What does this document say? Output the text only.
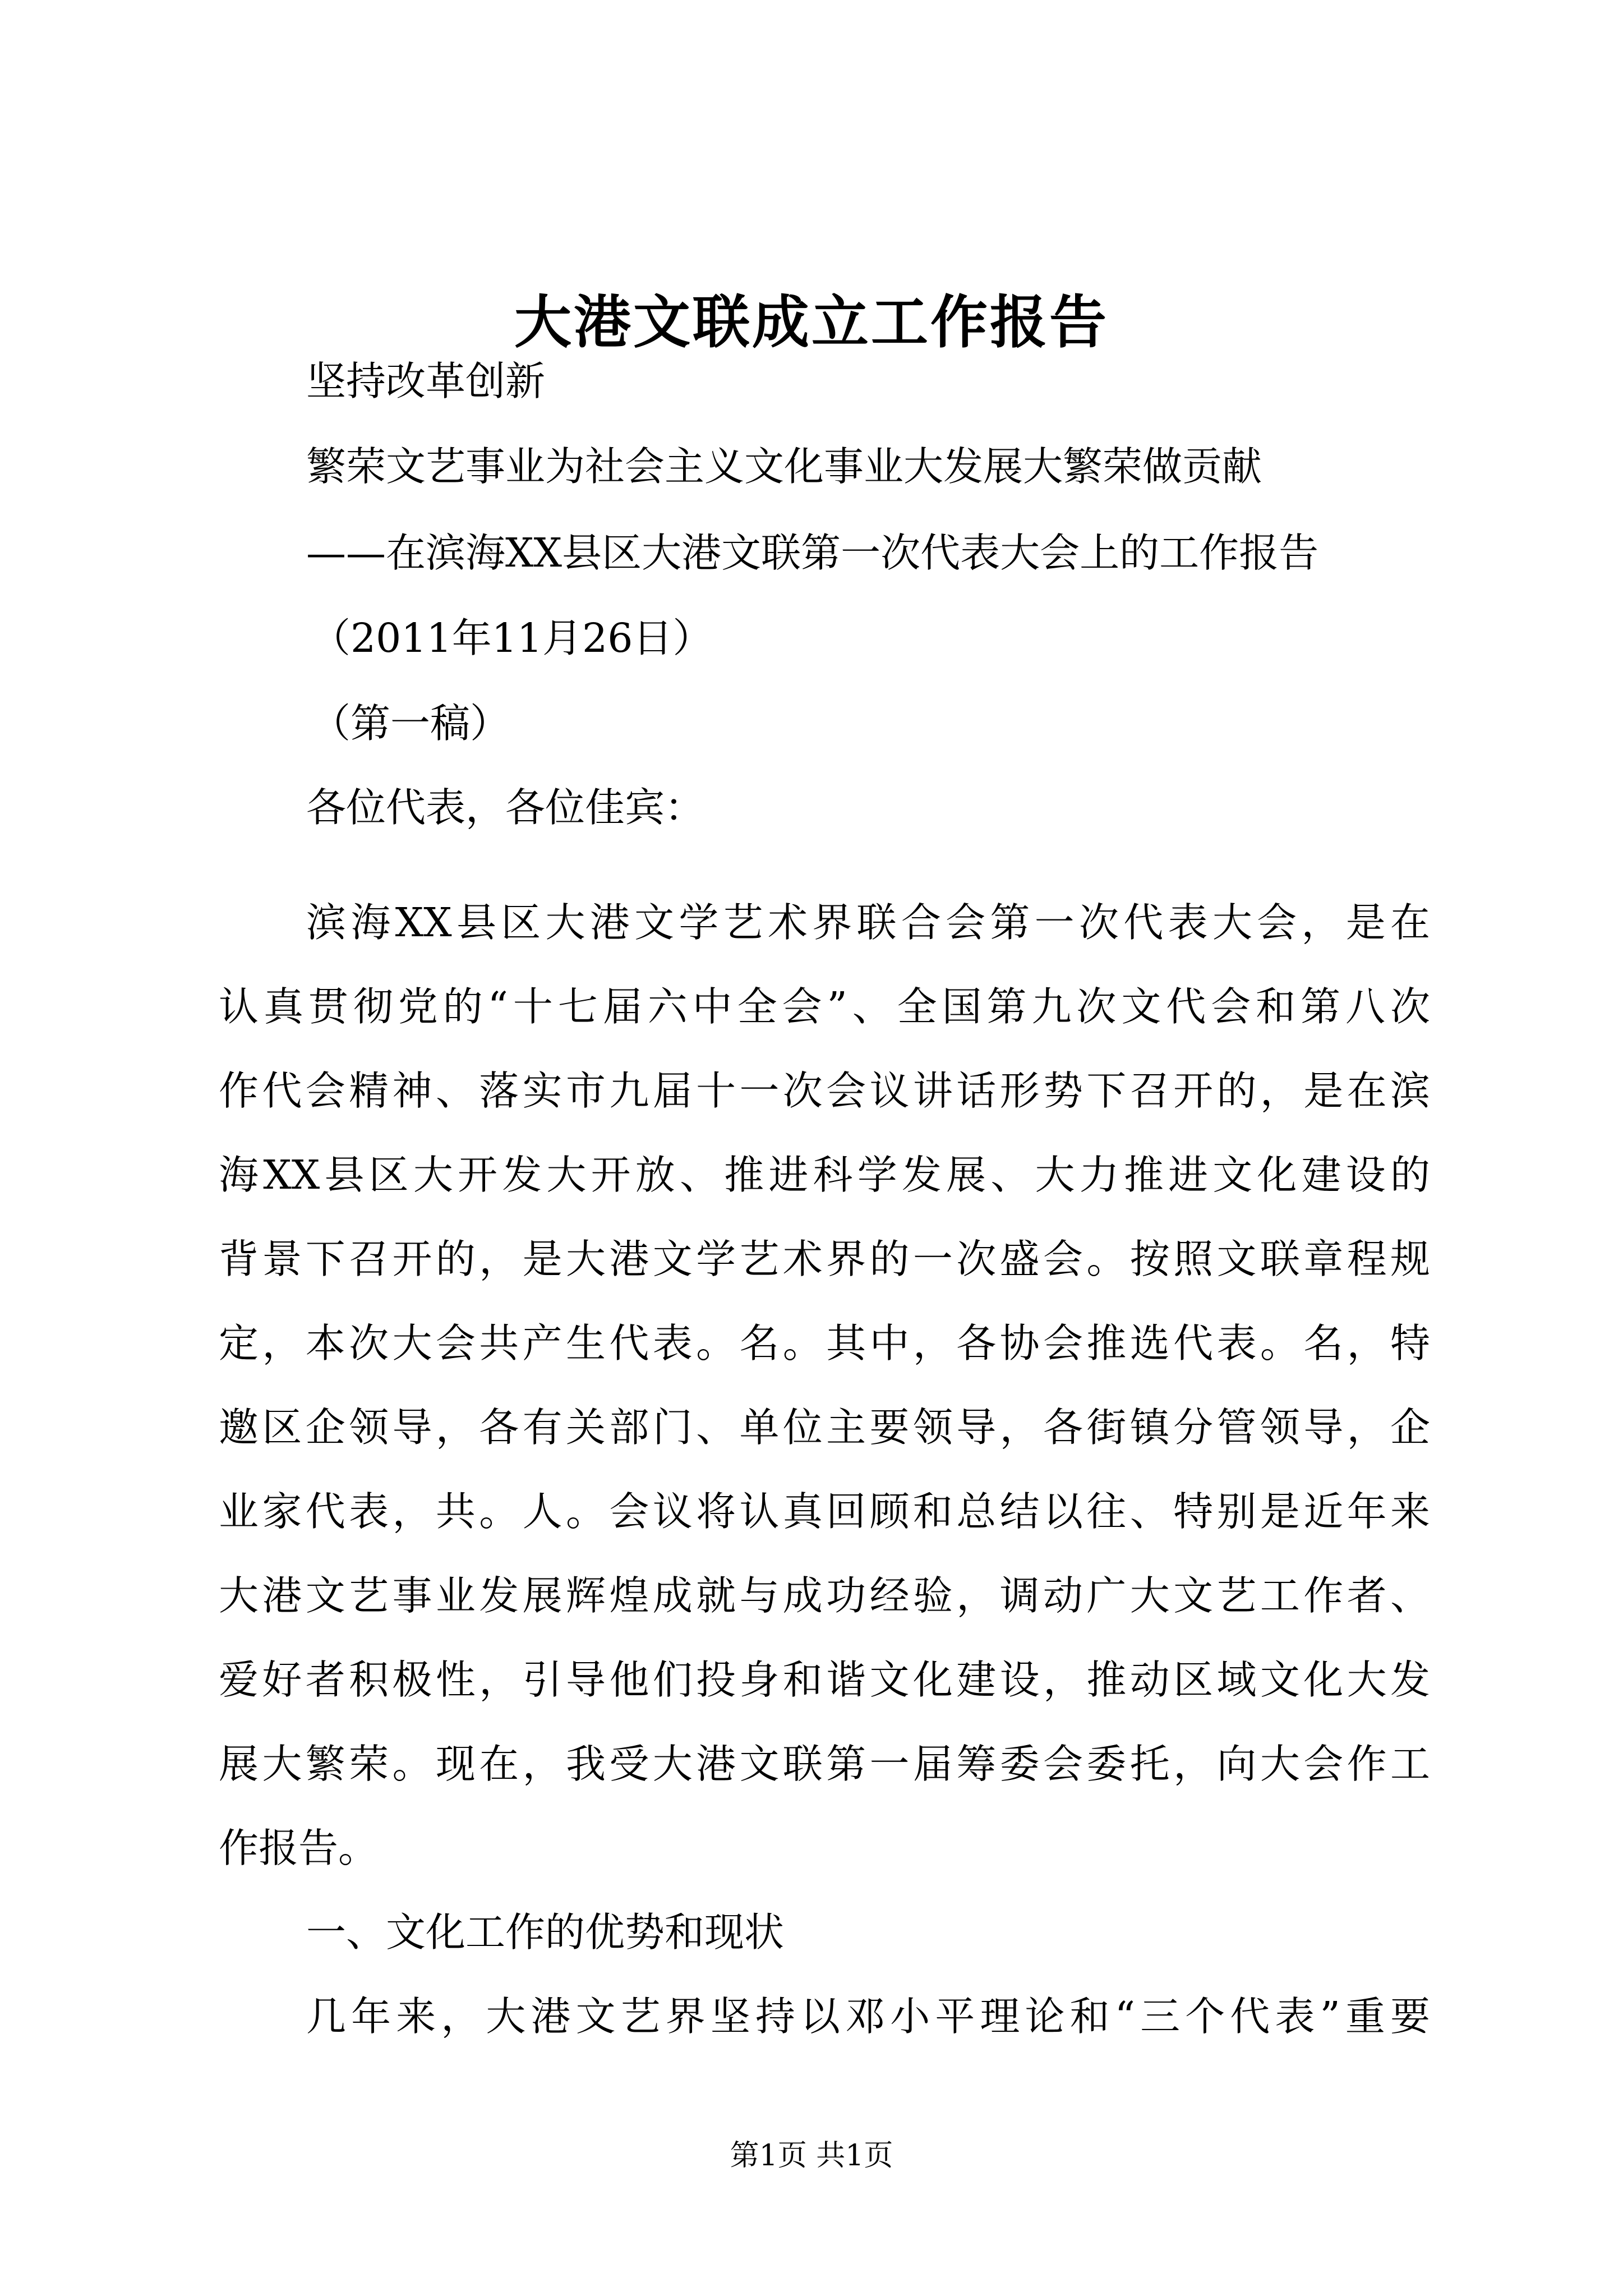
大港文联成立工作报告
坚持改革创新
繁荣文艺事业为社会主义文化事业大发展大繁荣做贡献
——在滨海XX县区大港文联第一次代表大会上的工作报告
（2011年11月26日）
（第一稿）
各位代表，各位佳宾：
滨海XX县区大港文学艺术界联合会第一次代表大会，是在
认真贯彻党的“十七届六中全会”、全国第九次文代会和第八次
作代会精神、落实市九届十一次会议讲话形势下召开的，是在滨
海XX县区大开发大开放、推进科学发展、大力推进文化建设的
背景下召开的，是大港文学艺术界的一次盛会。按照文联章程规
定，本次大会共产生代表。名。其中，各协会推选代表。名，特
邀区企领导，各有关部门、单位主要领导，各街镇分管领导，企
业家代表，共。人。会议将认真回顾和总结以往、特别是近年来
大港文艺事业发展辉煌成就与成功经验，调动广大文艺工作者、
爱好者积极性，引导他们投身和谐文化建设，推动区域文化大发
展大繁荣。现在，我受大港文联第一届筹委会委托，向大会作工
作报告。
一、文化工作的优势和现状
几年来，大港文艺界坚持以邓小平理论和“三个代表”重要
第1页 共1页
